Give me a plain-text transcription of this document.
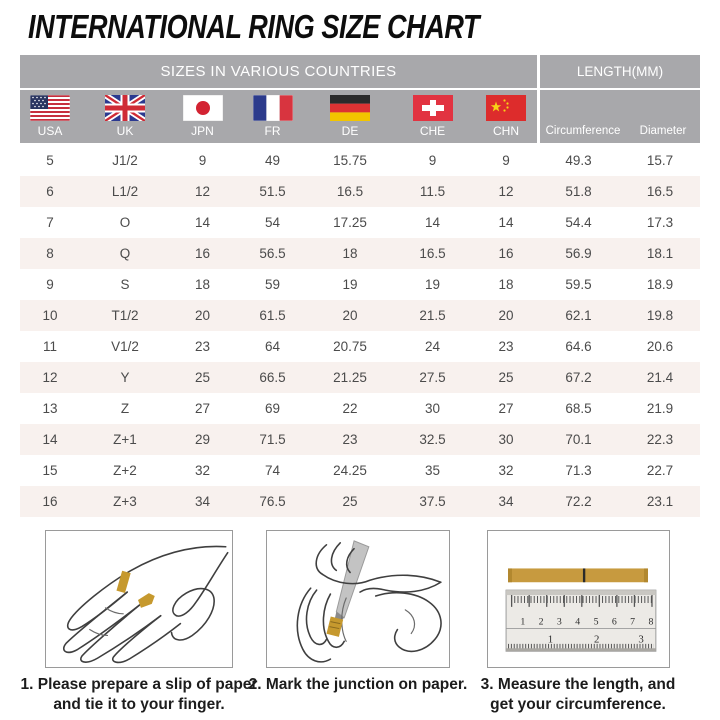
INTERNATIONAL RING SIZE CHART
SIZES IN VARIOUS COUNTRIES	LENGTH(MM)
USA	UK	JPN	FR	DE	CHE	CHN	Circumference	Diameter
5	J1/2	9	49	15.75	9	9	49.3	15.7
6	L1/2	12	51.5	16.5	11.5	12	51.8	16.5
7	O	14	54	17.25	14	14	54.4	17.3
8	Q	16	56.5	18	16.5	16	56.9	18.1
9	S	18	59	19	19	18	59.5	18.9
10	T1/2	20	61.5	20	21.5	20	62.1	19.8
11	V1/2	23	64	20.75	24	23	64.6	20.6
12	Y	25	66.5	21.25	27.5	25	67.2	21.4
13	Z	27	69	22	30	27	68.5	21.9
14	Z+1	29	71.5	23	32.5	30	70.1	22.3
15	Z+2	32	74	24.25	35	32	71.3	22.7
16	Z+3	34	76.5	25	37.5	34	72.2	23.1
1 2 3 4 5 6 7 8
1	2	3
1. Please prepare a slip of paper
and tie it to your finger.
2. Mark the junction on paper. 3. Measure the length, and
get your circumference.
